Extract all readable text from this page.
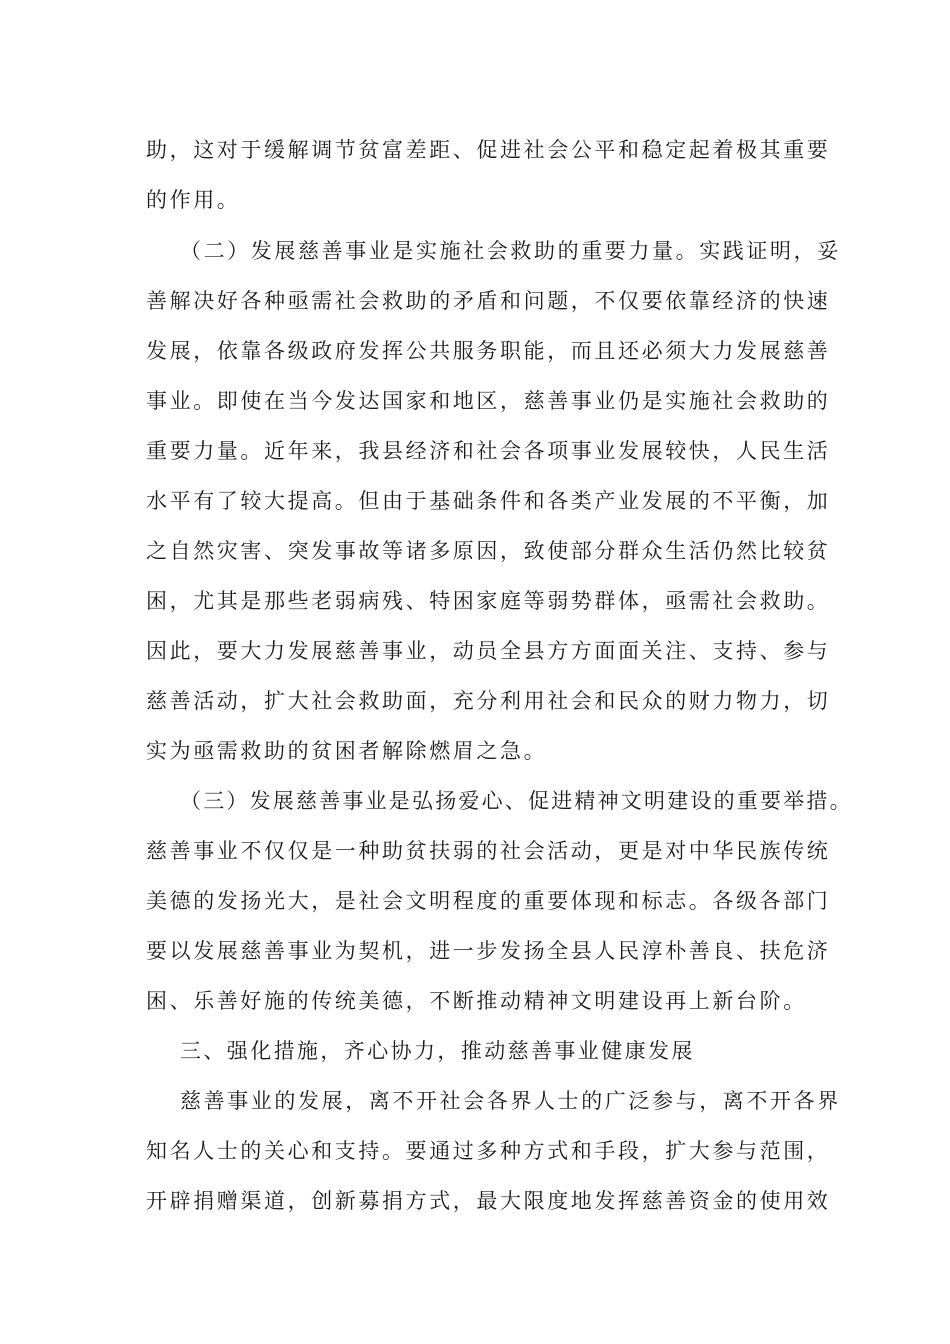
助，这对于缓解调节贫富差距、促进社会公平和稳定起着极其重要

的作用。

（二）发展慈善事业是实施社会救助的重要力量。实践证明，妥

善解决好各种亟需社会救助的矛盾和问题，不仅要依靠经济的快速

发展，依靠各级政府发挥公共服务职能，而且还必须大力发展慈善

事业。即使在当今发达国家和地区，慈善事业仍是实施社会救助的

重要力量。近年来，我县经济和社会各项事业发展较快，人民生活

水平有了较大提高。但由于基础条件和各类产业发展的不平衡，加

之自然灾害、突发事故等诸多原因，致使部分群众生活仍然比较贫

困，尤其是那些老弱病残、特困家庭等弱势群体，亟需社会救助。

因此，要大力发展慈善事业，动员全县方方面面关注、支持、参与

慈善活动，扩大社会救助面，充分利用社会和民众的财力物力，切

实为亟需救助的贫困者解除燃眉之急。

（三）发展慈善事业是弘扬爱心、促进精神文明建设的重要举措。

慈善事业不仅仅是一种助贫扶弱的社会活动，更是对中华民族传统

美德的发扬光大，是社会文明程度的重要体现和标志。各级各部门

要以发展慈善事业为契机，进一步发扬全县人民淳朴善良、扶危济

困、乐善好施的传统美德，不断推动精神文明建设再上新台阶。

三、强化措施，齐心协力，推动慈善事业健康发展

慈善事业的发展，离不开社会各界人士的广泛参与，离不开各界

知名人士的关心和支持。要通过多种方式和手段，扩大参与范围，

开辟捐赠渠道，创新募捐方式，最大限度地发挥慈善资金的使用效
